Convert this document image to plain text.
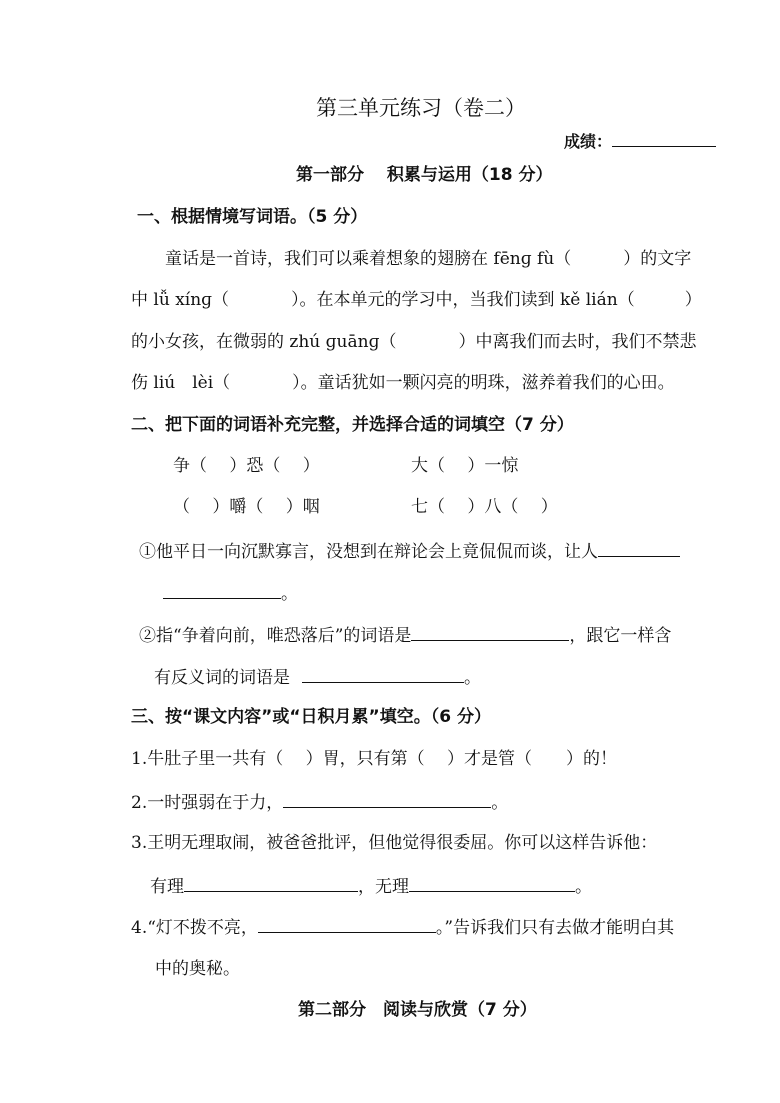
第三单元练习（卷二）
成绩：
第一部分　 积累与运用（18 分）
一、根据情境写词语。（5 分）
童话是一首诗，我们可以乘着想象的翅膀在 fēnɡ fù（	）的文字
中 lǚ xínɡ（	）。在本单元的学习中，当我们读到 kě lián（	）
的小女孩，在微弱的 zhú ɡuānɡ（	）中离我们而去时，我们不禁悲
伤 liú　lèi（	）。童话犹如一颗闪亮的明珠，滋养着我们的心田。
二、把下面的词语补充完整，并选择合适的词填空（7 分）
争（　 ）恐（　 ）	大（　 ）一惊
（　 ）嚼（　 ）咽	七（　 ）八（　 ）
①他平日一向沉默寡言，没想到在辩论会上竟侃侃而谈，让人
。
②指“争着向前，唯恐落后”的词语是	，跟它一样含
有反义词的词语是	。
三、按“课文内容”或“日积月累”填空。（6 分）
1.牛肚子里一共有（　 ）胃，只有第（　 ）才是管（　　）的！
2.一时强弱在于力，	。
3.王明无理取闹，被爸爸批评，但他觉得很委屈。你可以这样告诉他：
有理	，无理	。
4.“灯不拨不亮，	。”告诉我们只有去做才能明白其
中的奥秘。
第二部分　阅读与欣赏（7 分）
